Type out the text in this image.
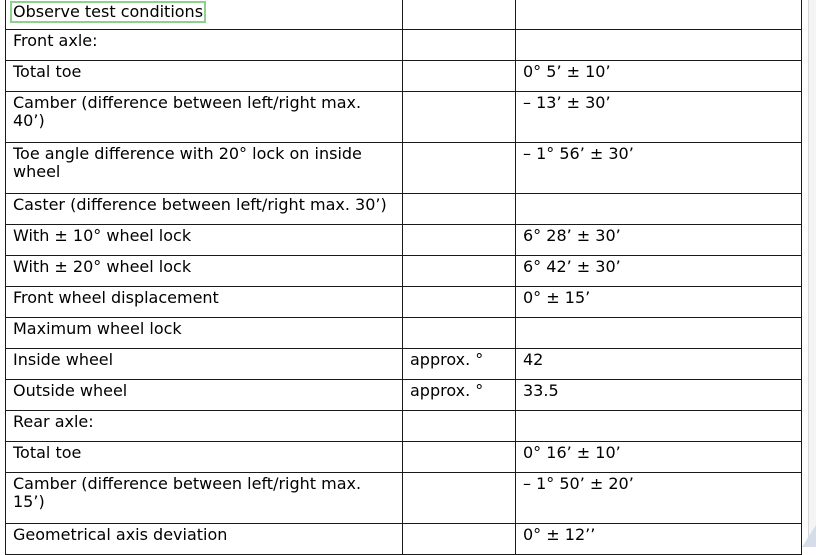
Observe test conditions		
Front axle:		
Total toe		0° 5’ ± 10’
Camber (difference between left/right max. 40’)		– 13’ ± 30’
Toe angle difference with 20° lock on inside wheel		– 1° 56’ ± 30’
Caster (difference between left/right max. 30’)		
With ± 10° wheel lock		6° 28’ ± 30’
With ± 20° wheel lock		6° 42’ ± 30’
Front wheel displacement		0° ± 15’
Maximum wheel lock		
Inside wheel	approx. °	42
Outside wheel	approx. °	33.5
Rear axle:		
Total toe		0° 16’ ± 10’
Camber (difference between left/right max. 15’)		– 1° 50’ ± 20’
Geometrical axis deviation		0° ± 12’’
